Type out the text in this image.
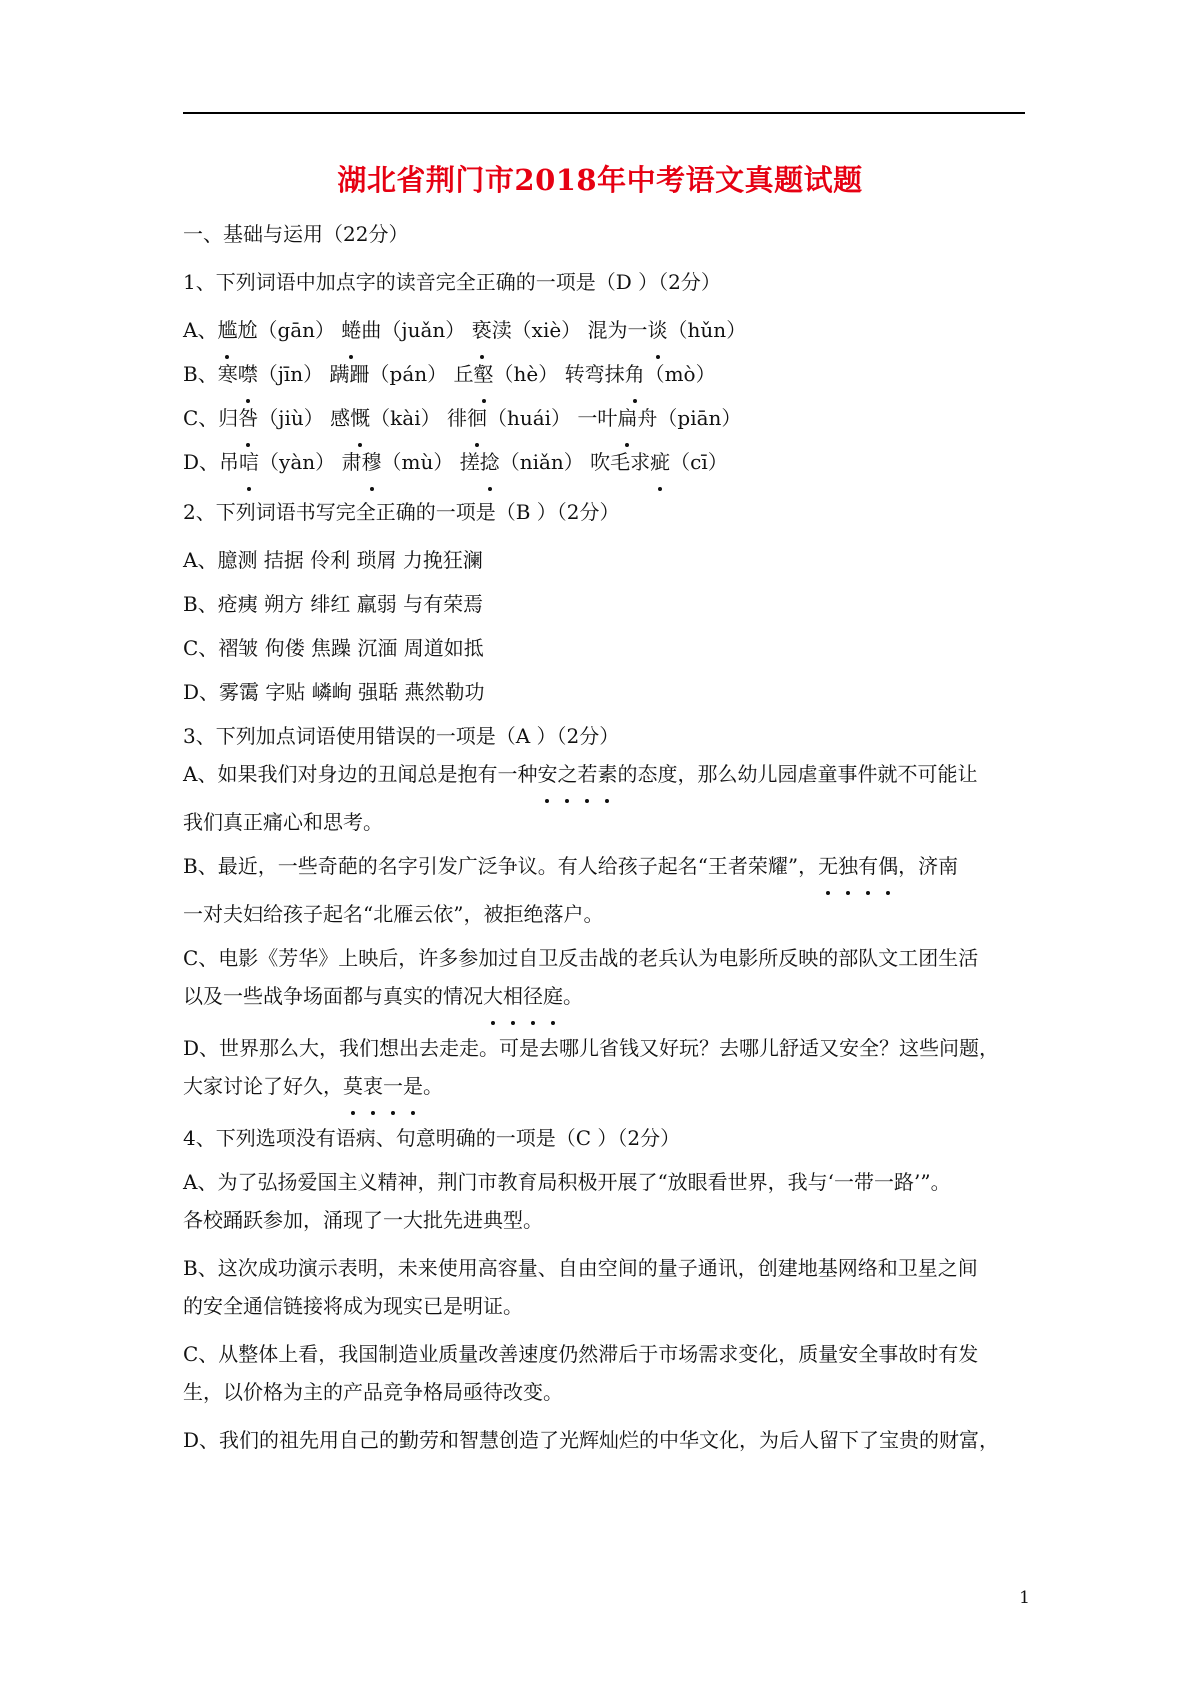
湖北省荆门市2018年中考语文真题试题
一、基础与运用（22分）
1、下列词语中加点字的读音完全正确的一项是（D ）（2分）
A、尴尬（gān） 蜷曲（juǎn） 亵渎（xiè） 混为一谈（hǔn）
B、寒噤（jīn） 蹒跚（pán） 丘壑（hè） 转弯抹角（mò）
C、归咎（jiù） 感慨（kài） 徘徊（huái） 一叶扁舟（piān）
D、吊唁（yàn） 肃穆（mù） 搓捻（niǎn） 吹毛求疵（cī）
2、下列词语书写完全正确的一项是（B ）（2分）
A、臆测 拮据 伶利 琐屑 力挽狂澜
B、疮痍 朔方 绯红 羸弱 与有荣焉
C、褶皱 佝偻 焦躁 沉湎 周道如抵
D、雾霭 字贴 嶙峋 强聒 燕然勒功
3、下列加点词语使用错误的一项是（A ）（2分）
A、如果我们对身边的丑闻总是抱有一种安之若素的态度，那么幼儿园虐童事件就不可能让
我们真正痛心和思考。
B、最近，一些奇葩的名字引发广泛争议。有人给孩子起名“王者荣耀”，无独有偶，济南
一对夫妇给孩子起名“北雁云依”，被拒绝落户。
C、电影《芳华》上映后，许多参加过自卫反击战的老兵认为电影所反映的部队文工团生活
以及一些战争场面都与真实的情况大相径庭。
D、世界那么大，我们想出去走走。可是去哪儿省钱又好玩？去哪儿舒适又安全？这些问题，
大家讨论了好久，莫衷一是。
4、下列选项没有语病、句意明确的一项是（C ）（2分）
A、为了弘扬爱国主义精神，荆门市教育局积极开展了“放眼看世界，我与‘一带一路’”。
各校踊跃参加，涌现了一大批先进典型。
B、这次成功演示表明，未来使用高容量、自由空间的量子通讯，创建地基网络和卫星之间
的安全通信链接将成为现实已是明证。
C、从整体上看，我国制造业质量改善速度仍然滞后于市场需求变化，质量安全事故时有发
生，以价格为主的产品竞争格局亟待改变。
D、我们的祖先用自己的勤劳和智慧创造了光辉灿烂的中华文化，为后人留下了宝贵的财富，
1
